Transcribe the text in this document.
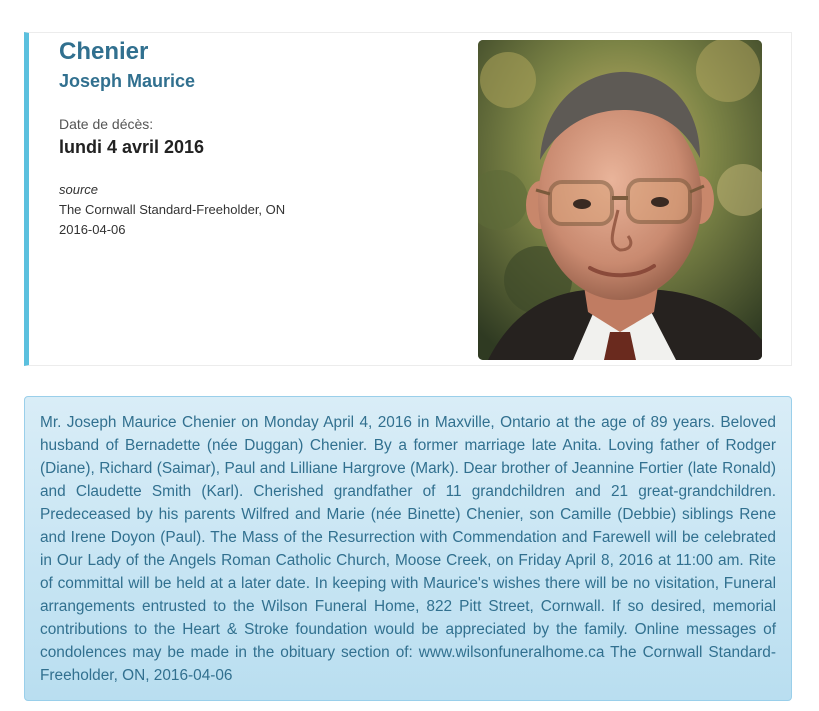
Chenier
Joseph Maurice
Date de décès:
lundi 4 avril 2016
source
The Cornwall Standard-Freeholder, ON
2016-04-06

Mr. Joseph Maurice Chenier on Monday April 4, 2016 in Maxville, Ontario at the age of 89 years. Beloved husband of Bernadette (née Duggan) Chenier. By a former marriage late Anita. Loving father of Rodger (Diane), Richard (Saimar), Paul and Lilliane Hargrove (Mark). Dear brother of Jeannine Fortier (late Ronald) and Claudette Smith (Karl). Cherished grandfather of 11 grandchildren and 21 great-grandchildren. Predeceased by his parents Wilfred and Marie (née Binette) Chenier, son Camille (Debbie) siblings Rene and Irene Doyon (Paul). The Mass of the Resurrection with Commendation and Farewell will be celebrated in Our Lady of the Angels Roman Catholic Church, Moose Creek, on Friday April 8, 2016 at 11:00 am. Rite of committal will be held at a later date. In keeping with Maurice's wishes there will be no visitation, Funeral arrangements entrusted to the Wilson Funeral Home, 822 Pitt Street, Cornwall. If so desired, memorial contributions to the Heart & Stroke foundation would be appreciated by the family. Online messages of condolences may be made in the obituary section of: www.wilsonfuneralhome.ca The Cornwall Standard-Freeholder, ON, 2016-04-06
